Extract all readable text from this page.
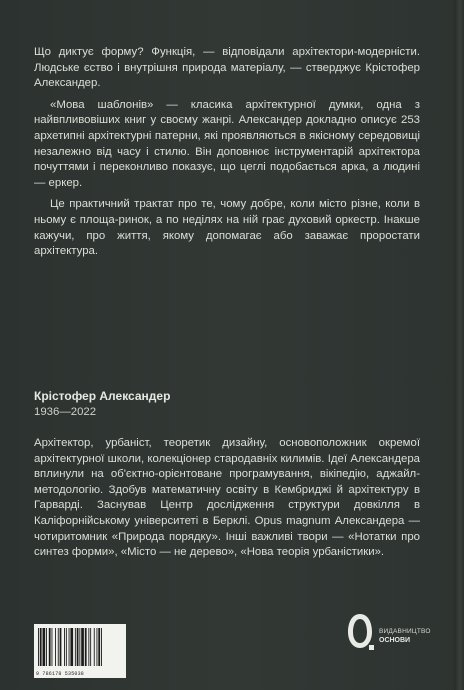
Що диктує форму? Функція, — відповідали архітектори-модерністи. Людське єство і внутрішня природа матеріалу, — стверджує Крістофер Александер.

«Мова шаблонів» — класика архітектурної думки, одна з найвпливовіших книг у своєму жанрі. Александер докладно описує 253 архетипні архітектурні патерни, які проявляються в якісному середовищі незалежно від часу і стилю. Він доповнює інструментарій архітектора почуттями і переконливо показує, що цеглі подобається арка, а людині — еркер.

Це практичний трактат про те, чому добре, коли місто різне, коли в ньому є площа-ринок, а по неділях на ній грає духовий оркестр. Інакше кажучи, про життя, якому допомагає або заважає проростати архітектура.

Крістофер Александер
1936—2022

Архітектор, урбаніст, теоретик дизайну, основоположник окремої архітектурної школи, колекціонер стародавніх килимів. Ідеї Александера вплинули на об'єктно-орієнтоване програмування, вікіпедію, аджайл-методологію. Здобув математичну освіту в Кембриджі й архітектуру в Гарварді. Заснував Центр дослідження структури довкілля в Каліфорнійському університеті в Берклі. Opus magnum Александера — чотиритомник «Природа порядку». Інші важливі твори — «Нотатки про синтез форми», «Місто — не дерево», «Нова теорія урбаністики».

9 786178 535038
ВИДАВНИЦТВО
ОСНОВИ
